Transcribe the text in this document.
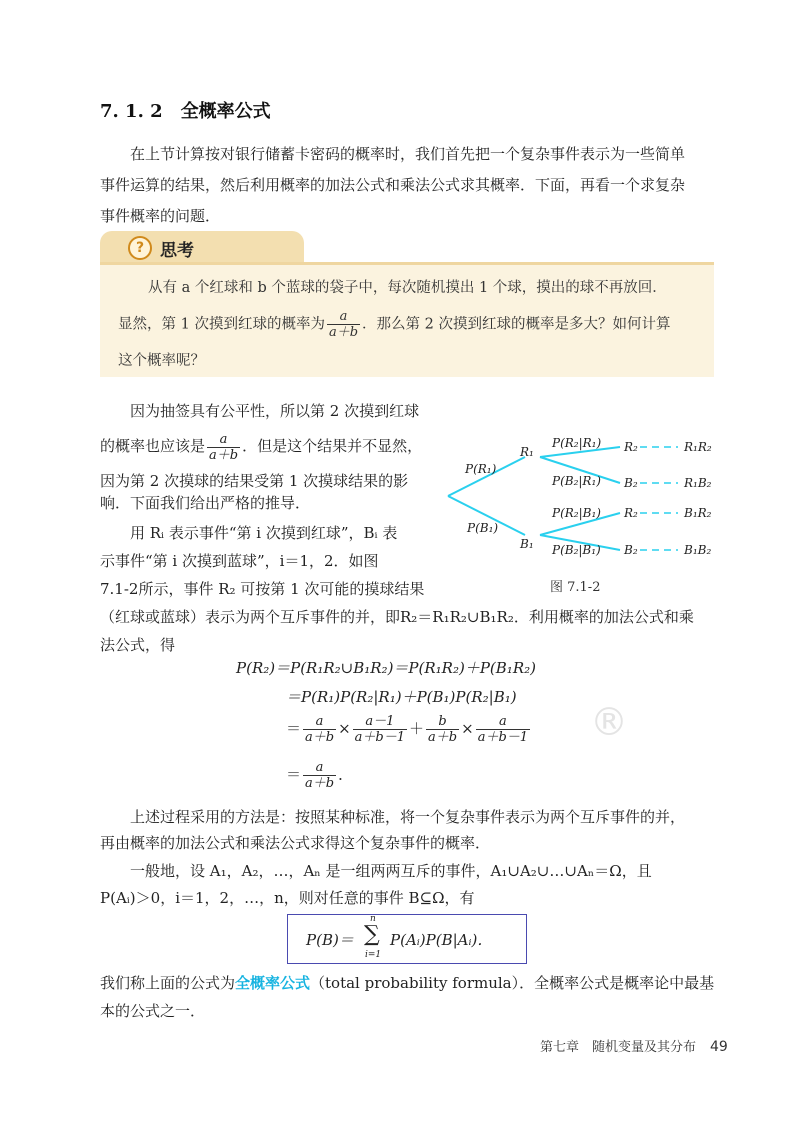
7. 1. 2 全概率公式
在上节计算按对银行储蓄卡密码的概率时，我们首先把一个复杂事件表示为一些简单
事件运算的结果，然后利用概率的加法公式和乘法公式求其概率．下面，再看一个求复杂
事件概率的问题．
? 思考
从有 a 个红球和 b 个蓝球的袋子中，每次随机摸出 1 个球，摸出的球不再放回．
显然，第 1 次摸到红球的概率为 $\frac{a}{a+b}$ ．那么第 2 次摸到红球的概率是多大？如何计算
这个概率呢？
因为抽签具有公平性，所以第 2 次摸到红球
的概率也应该是 $\frac{a}{a+b}$ ．但是这个结果并不显然，
因为第 2 次摸球的结果受第 1 次摸球结果的影
响．下面我们给出严格的推导．
用 Rᵢ 表示事件“第 i 次摸到红球”，Bᵢ 表
示事件“第 i 次摸到蓝球”，i＝1，2．如图
7.1-2所示，事件 R₂ 可按第 1 次可能的摸球结果
（红球或蓝球）表示为两个互斥事件的并，即R₂＝R₁R₂∪B₁R₂．利用概率的加法公式和乘
法公式，得
P(R₁)
P(B₁)
R₁
B₁
P(R₂|R₁)
P(B₂|R₁)
P(R₂|B₁)
P(B₂|B₁)
R₂
B₂
R₂
B₂
R₁R₂
R₁B₂
B₁R₂
B₁B₂
图 7.1-2
®
P(R₂)＝P(R₁R₂∪B₁R₂)＝P(R₁R₂)＋P(B₁R₂)
＝P(R₁)P(R₂|R₁)＋P(B₁)P(R₂|B₁)
＝ $\frac{a}{a+b} \times \frac{a-1}{a+b-1} + \frac{b}{a+b} \times \frac{a}{a+b-1}$
＝ $\frac{a}{a+b}$ ．
上述过程采用的方法是：按照某种标准，将一个复杂事件表示为两个互斥事件的并，
再由概率的加法公式和乘法公式求得这个复杂事件的概率．
一般地，设 A₁，A₂，…，Aₙ 是一组两两互斥的事件，A₁∪A₂∪…∪Aₙ＝Ω，且
P(Aᵢ)＞0，i＝1，2，…，n，则对任意的事件 B⊆Ω，有
P(B)＝
n
∑
i=1
P(Aᵢ)P(B|Aᵢ)．
我们称上面的公式为全概率公式（total probability formula）．全概率公式是概率论中最基
本的公式之一．
第七章　随机变量及其分布 49
